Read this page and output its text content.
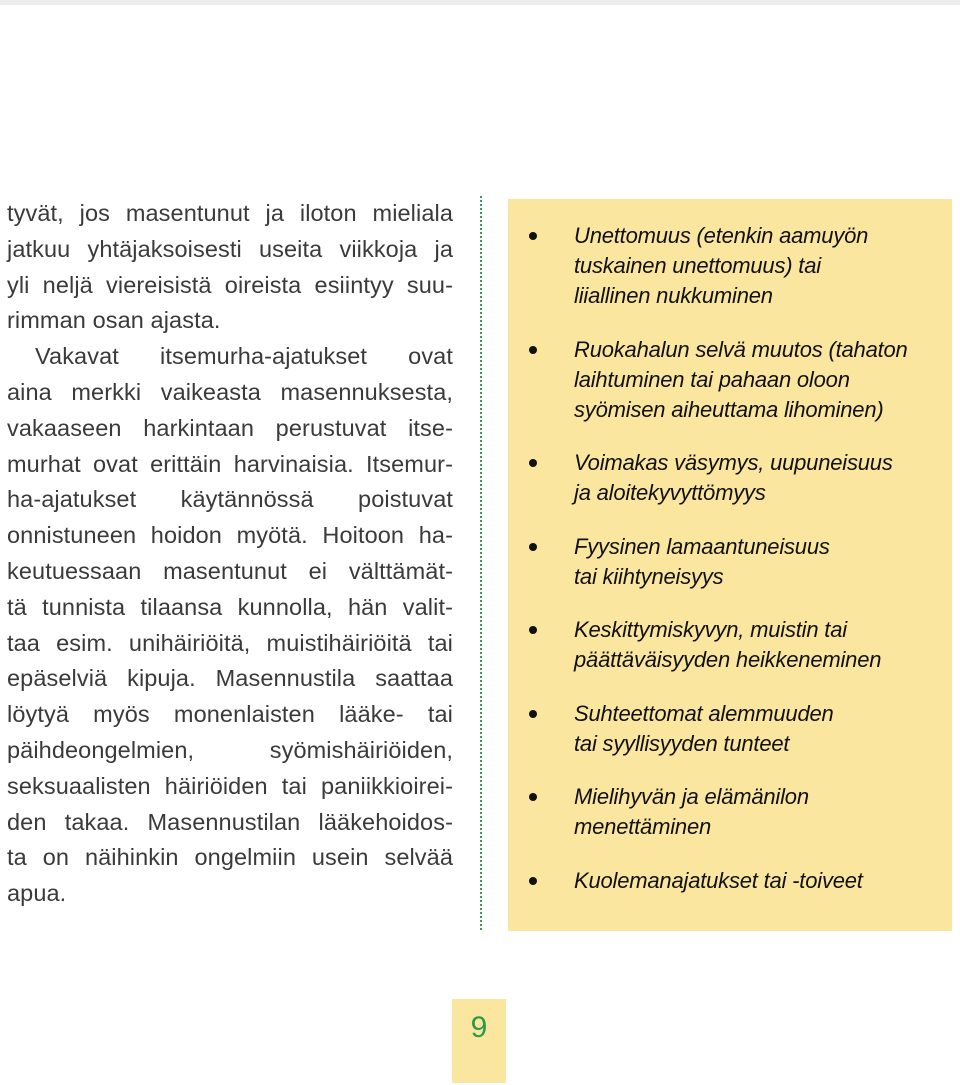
tyvät, jos masentunut ja iloton mieliala
jatkuu yhtäjaksoisesti useita viikkoja ja
yli neljä viereisistä oireista esiintyy suu-
rimman osan ajasta.
Vakavat itsemurha-ajatukset ovat
aina merkki vaikeasta masennuksesta,
vakaaseen harkintaan perustuvat itse-
murhat ovat erittäin harvinaisia. Itsemur-
ha-ajatukset käytännössä poistuvat
onnistuneen hoidon myötä. Hoitoon ha-
keutuessaan masentunut ei välttämät-
tä tunnista tilaansa kunnolla, hän valit-
taa esim. unihäiriöitä, muistihäiriöitä tai
epäselviä kipuja. Masennustila saattaa
löytyä myös monenlaisten lääke- tai
päihdeongelmien, syömishäiriöiden,
seksuaalisten häiriöiden tai paniikkioirei-
den takaa. Masennustilan lääkehoidos-
ta on näihinkin ongelmiin usein selvää
apua.
Unettomuus (etenkin aamuyön
tuskainen unettomuus) tai
liiallinen nukkuminen
Ruokahalun selvä muutos (tahaton
laihtuminen tai pahaan oloon
syömisen aiheuttama lihominen)
Voimakas väsymys, uupuneisuus
ja aloitekyvyttömyys
Fyysinen lamaantuneisuus
tai kiihtyneisyys
Keskittymiskyvyn, muistin tai
päättäväisyyden heikkeneminen
Suhteettomat alemmuuden
tai syyllisyyden tunteet
Mielihyvän ja elämänilon
menettäminen
Kuolemanajatukset tai -toiveet
9
